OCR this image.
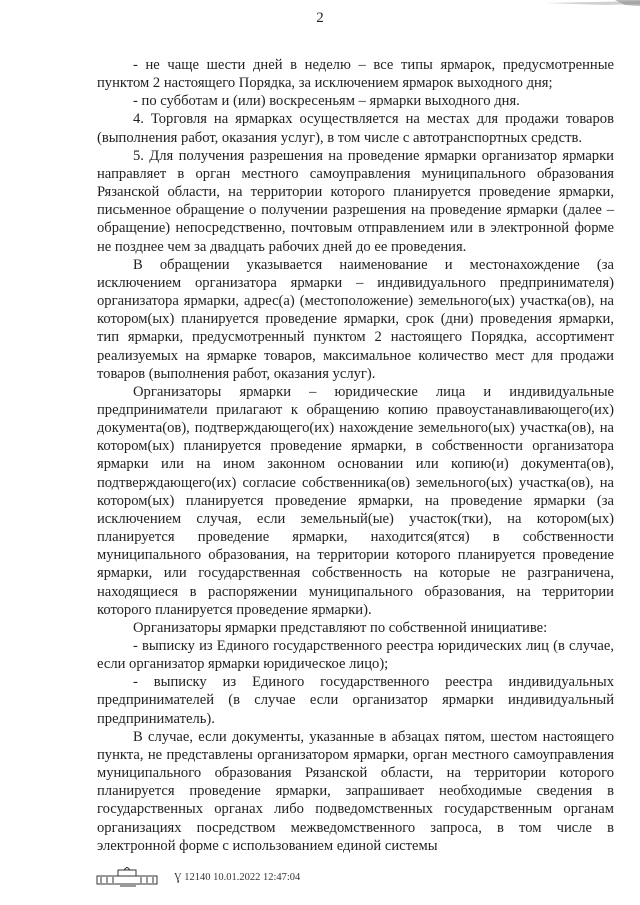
2

- не чаще шести дней в неделю – все типы ярмарок, предусмотренные пунктом 2 настоящего Порядка, за исключением ярмарок выходного дня;

- по субботам и (или) воскресеньям – ярмарки выходного дня.

4. Торговля на ярмарках осуществляется на местах для продажи товаров (выполнения работ, оказания услуг), в том числе с автотранспортных средств.

5. Для получения разрешения на проведение ярмарки организатор ярмарки направляет в орган местного самоуправления муниципального образования Рязанской области, на территории которого планируется проведение ярмарки, письменное обращение о получении разрешения на проведение ярмарки (далее – обращение) непосредственно, почтовым отправлением или в электронной форме не позднее чем за двадцать рабочих дней до ее проведения.

В обращении указывается наименование и местонахождение (за исключением организатора ярмарки – индивидуального предпринимателя) организатора ярмарки, адрес(а) (местоположение) земельного(ых) участка(ов), на котором(ых) планируется проведение ярмарки, срок (дни) проведения ярмарки, тип ярмарки, предусмотренный пунктом 2 настоящего Порядка, ассортимент реализуемых на ярмарке товаров, максимальное количество мест для продажи товаров (выполнения работ, оказания услуг).

Организаторы ярмарки – юридические лица и индивидуальные предприниматели прилагают к обращению копию правоустанавливающего(их) документа(ов), подтверждающего(их) нахождение земельного(ых) участка(ов), на котором(ых) планируется проведение ярмарки, в собственности организатора ярмарки или на ином законном основании или копию(и) документа(ов), подтверждающего(их) согласие собственника(ов) земельного(ых) участка(ов), на котором(ых) планируется проведение ярмарки, на проведение ярмарки (за исключением случая, если земельный(ые) участок(тки), на котором(ых) планируется проведение ярмарки, находится(ятся) в собственности муниципального образования, на территории которого планируется проведение ярмарки, или государственная собственность на которые не разграничена, находящиеся в распоряжении муниципального образования, на территории которого планируется проведение ярмарки).

Организаторы ярмарки представляют по собственной инициативе:

- выписку из Единого государственного реестра юридических лиц (в случае, если организатор ярмарки юридическое лицо);

- выписку из Единого государственного реестра индивидуальных предпринимателей (в случае если организатор ярмарки индивидуальный предприниматель).

В случае, если документы, указанные в абзацах пятом, шестом настоящего пункта, не представлены организатором ярмарки, орган местного самоуправления муниципального образования Рязанской области, на территории которого планируется проведение ярмарки, запрашивает необходимые сведения в государственных органах либо подведомственных государственным органам организациях посредством межведомственного запроса, в том числе в электронной форме с использованием единой системы

Ɣ 12140 10.01.2022 12:47:04
